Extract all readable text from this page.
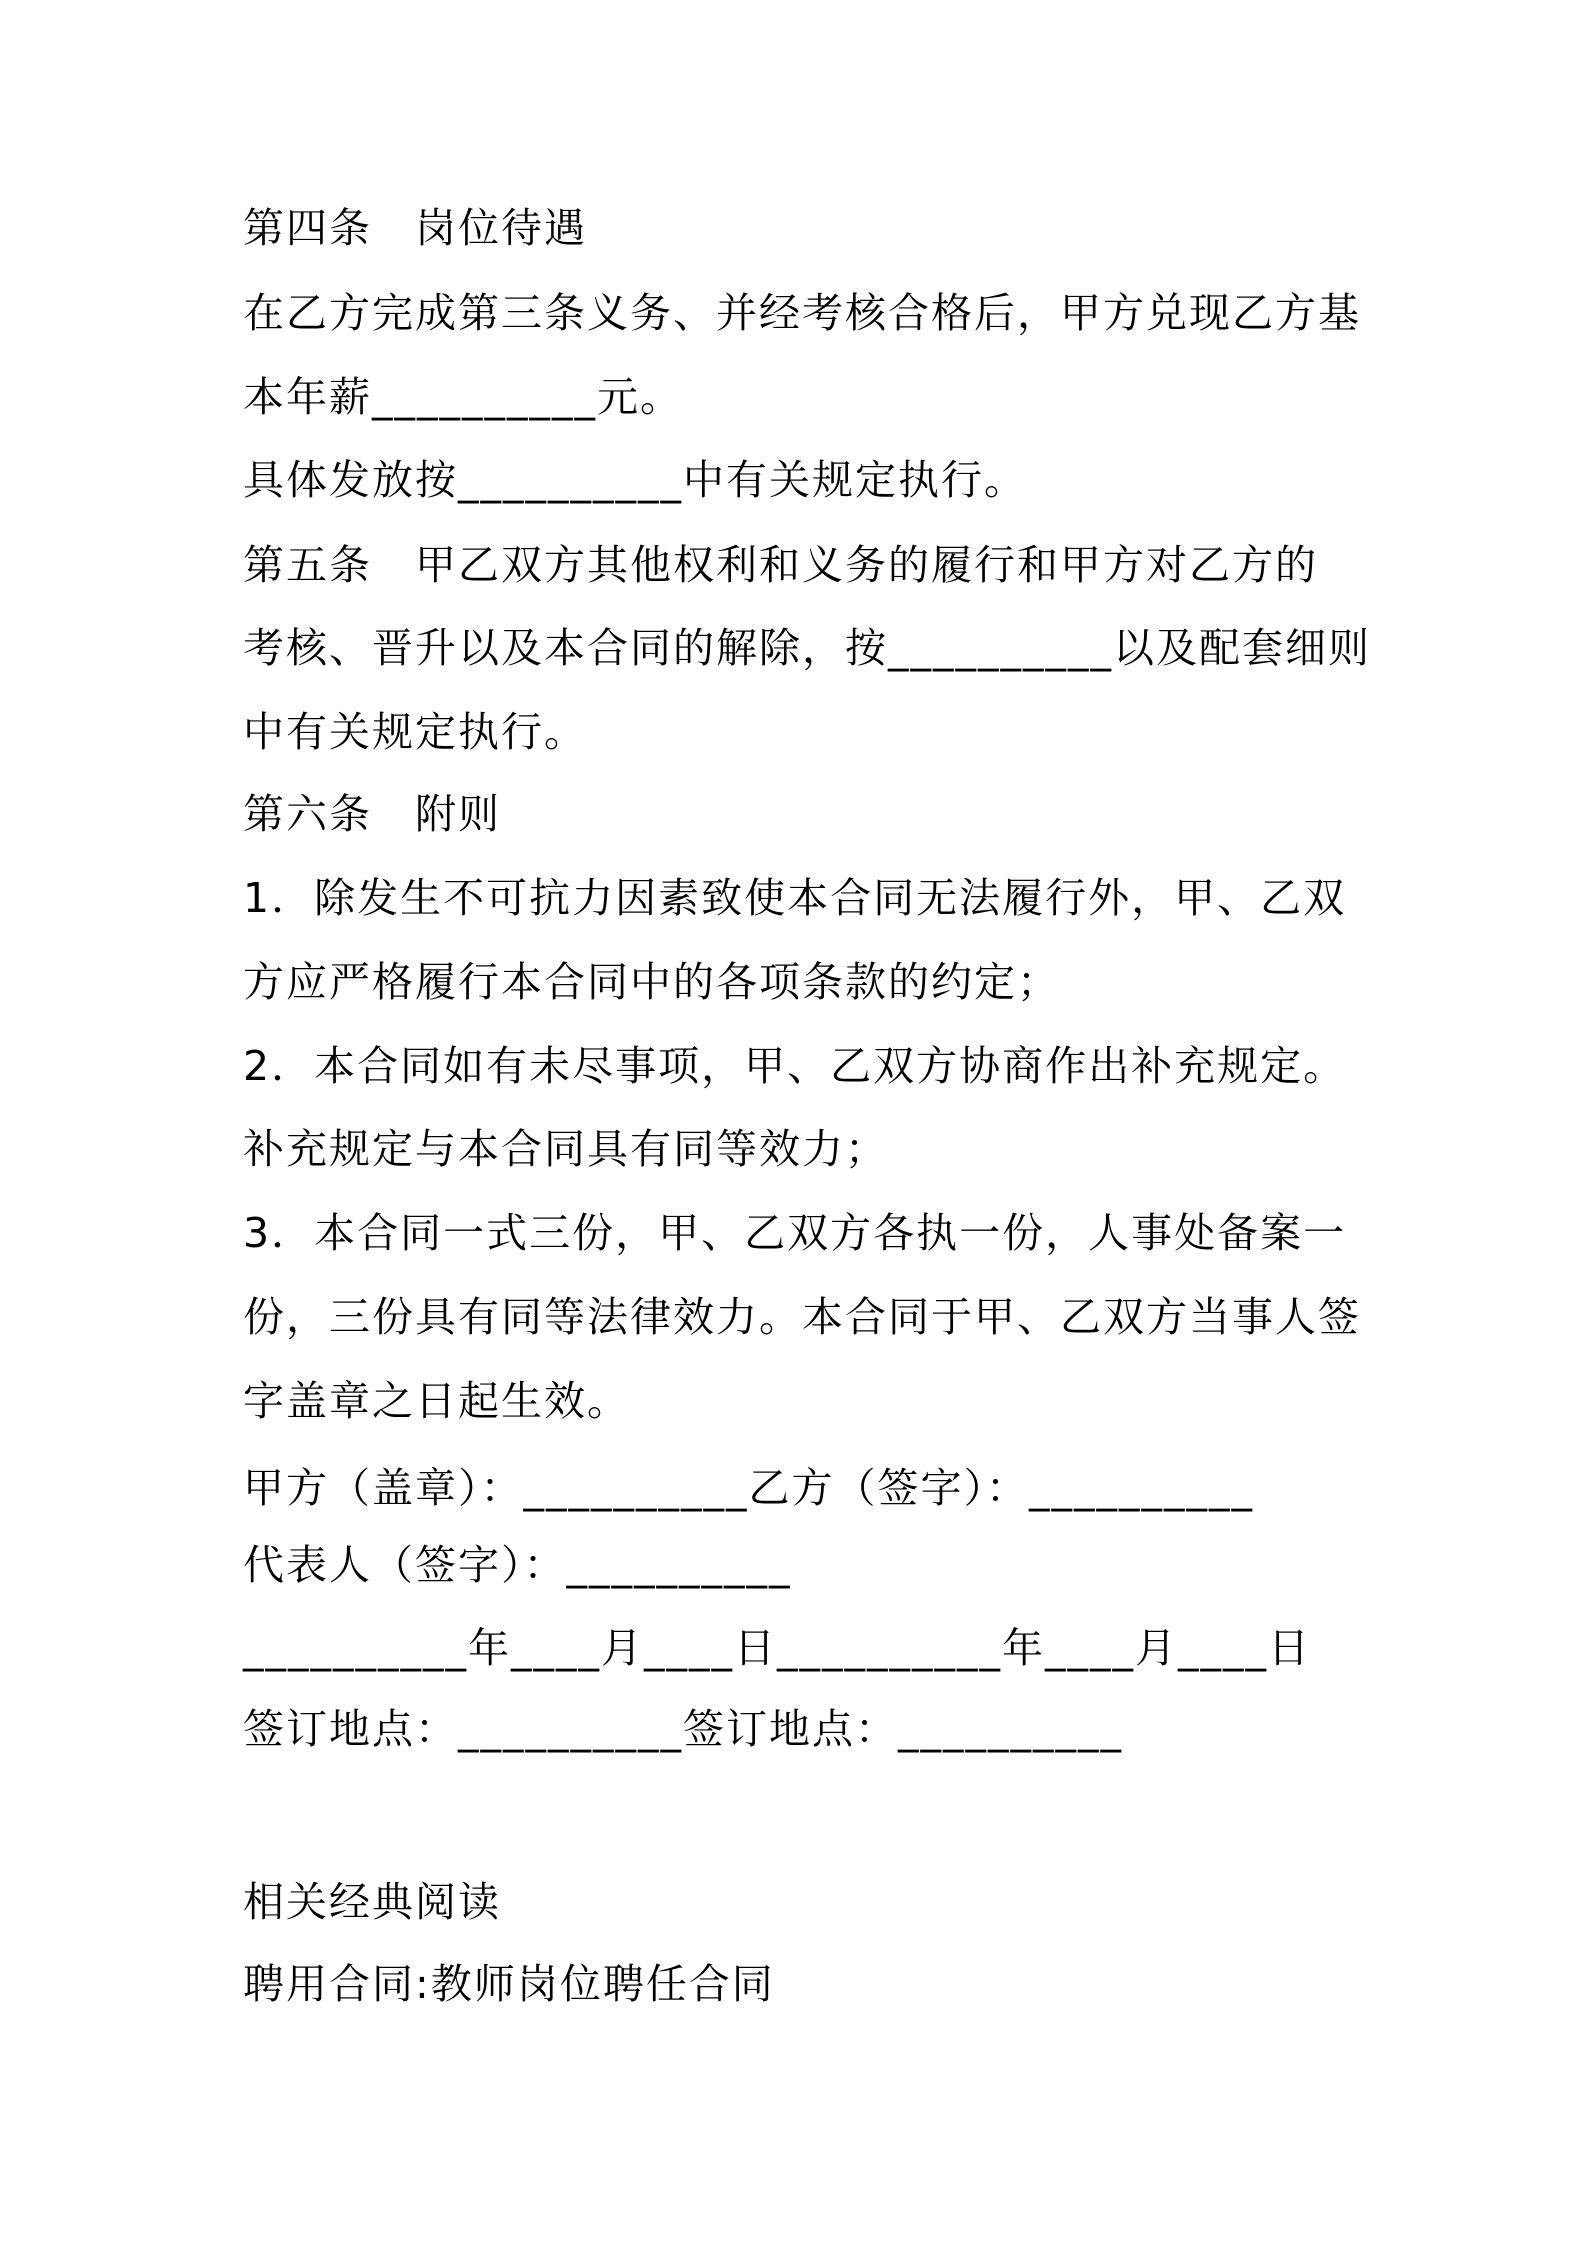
第四条　岗位待遇

在乙方完成第三条义务、并经考核合格后，甲方兑现乙方基

本年薪__________元。

具体发放按__________中有关规定执行。

第五条　甲乙双方其他权利和义务的履行和甲方对乙方的

考核、晋升以及本合同的解除，按__________以及配套细则

中有关规定执行。

第六条　附则

1．除发生不可抗力因素致使本合同无法履行外，甲、乙双

方应严格履行本合同中的各项条款的约定；

2．本合同如有未尽事项，甲、乙双方协商作出补充规定。

补充规定与本合同具有同等效力；

3．本合同一式三份，甲、乙双方各执一份，人事处备案一

份，三份具有同等法律效力。本合同于甲、乙双方当事人签

字盖章之日起生效。

甲方（盖章）：__________乙方（签字）：__________

代表人（签字）：__________

__________年____月____日__________年____月____日

签订地点：__________签订地点：__________

相关经典阅读

聘用合同:教师岗位聘任合同
